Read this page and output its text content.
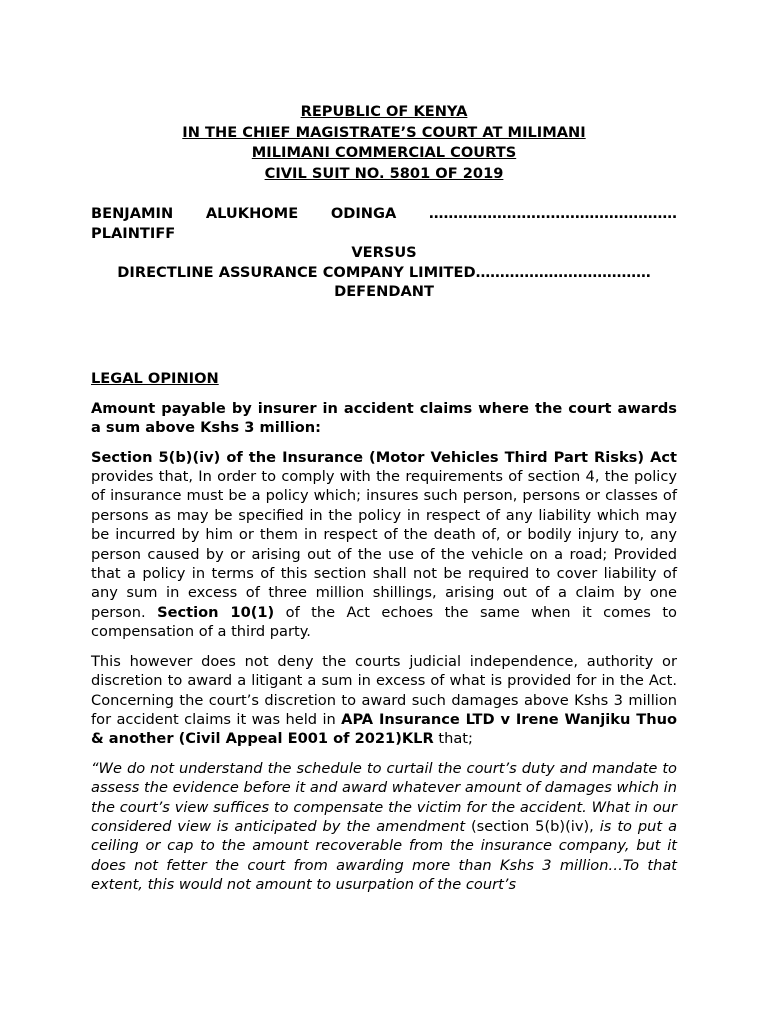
REPUBLIC OF KENYA
IN THE CHIEF MAGISTRATE’S COURT AT MILIMANI
MILIMANI COMMERCIAL COURTS
CIVIL SUIT NO. 5801 OF 2019
BENJAMIN ALUKHOME ODINGA ……………………………………………
PLAINTIFF
VERSUS
DIRECTLINE ASSURANCE COMPANY LIMITED………………………………
DEFENDANT
LEGAL OPINION

Amount payable by insurer in accident claims where the court awards a sum above Kshs 3 million:

Section 5(b)(iv) of the Insurance (Motor Vehicles Third Part Risks) Act provides that, In order to comply with the requirements of section 4, the policy of insurance must be a policy which; insures such person, persons or classes of persons as may be specified in the policy in respect of any liability which may be incurred by him or them in respect of the death of, or bodily injury to, any person caused by or arising out of the use of the vehicle on a road; Provided that a policy in terms of this section shall not be required to cover liability of any sum in excess of three million shillings, arising out of a claim by one person. Section 10(1) of the Act echoes the same when it comes to compensation of a third party.

This however does not deny the courts judicial independence, authority or discretion to award a litigant a sum in excess of what is provided for in the Act. Concerning the court’s discretion to award such damages above Kshs 3 million for accident claims it was held in APA Insurance LTD v Irene Wanjiku Thuo & another (Civil Appeal E001 of 2021)KLR that;

“We do not understand the schedule to curtail the court’s duty and mandate to assess the evidence before it and award whatever amount of damages which in the court’s view suffices to compensate the victim for the accident. What in our considered view is anticipated by the amendment (section 5(b)(iv), is to put a ceiling or cap to the amount recoverable from the insurance company, but it does not fetter the court from awarding more than Kshs 3 million…To that extent, this would not amount to usurpation of the court’s
